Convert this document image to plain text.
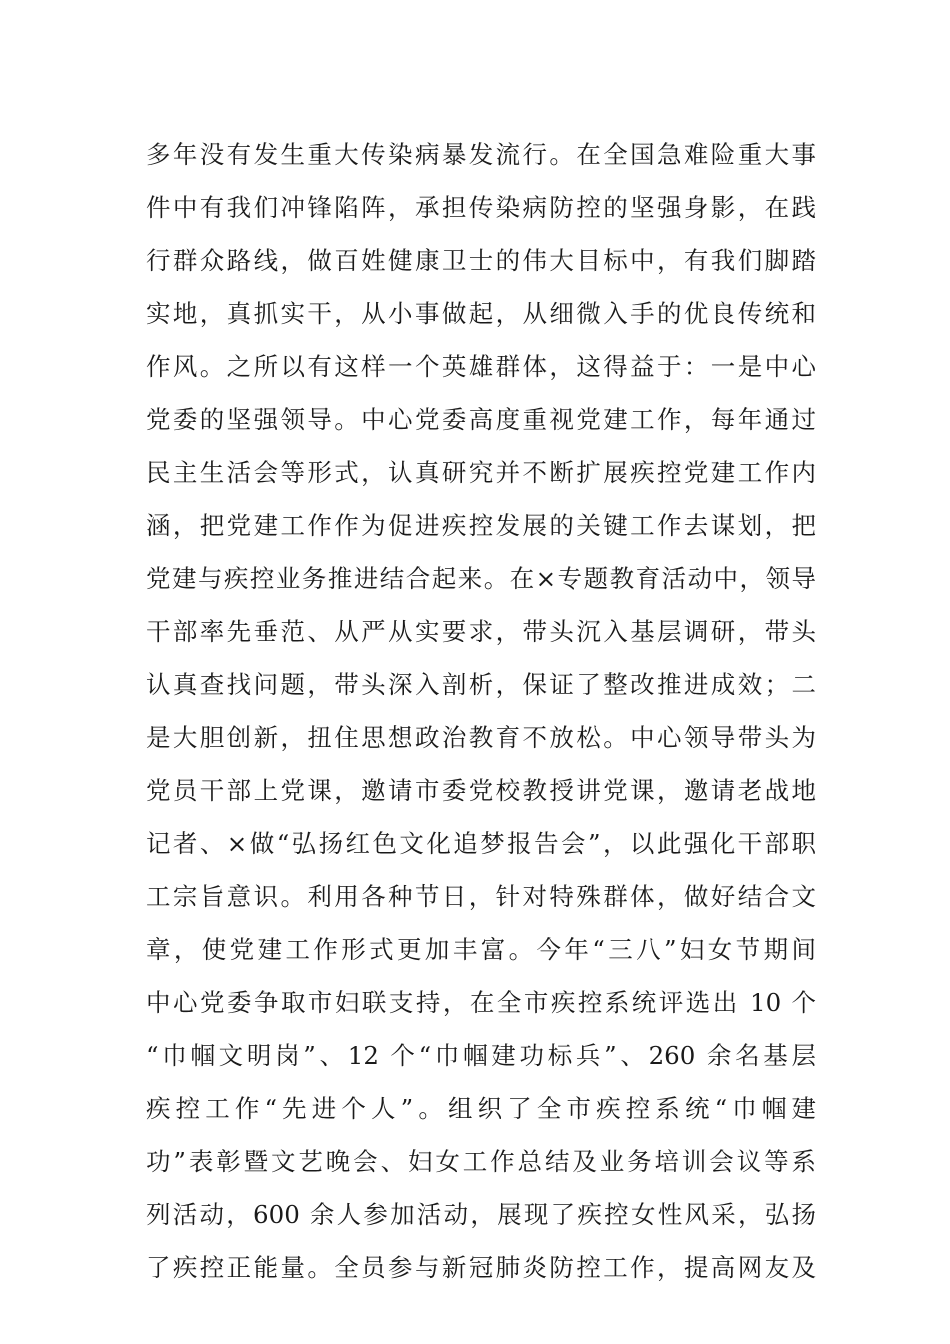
多年没有发生重大传染病暴发流行。在全国急难险重大事
件中有我们冲锋陷阵，承担传染病防控的坚强身影，在践
行群众路线，做百姓健康卫士的伟大目标中，有我们脚踏
实地，真抓实干，从小事做起，从细微入手的优良传统和
作风。之所以有这样一个英雄群体，这得益于：一是中心
党委的坚强领导。中心党委高度重视党建工作，每年通过
民主生活会等形式，认真研究并不断扩展疾控党建工作内
涵，把党建工作作为促进疾控发展的关键工作去谋划，把
党建与疾控业务推进结合起来。在×专题教育活动中，领导
干部率先垂范、从严从实要求，带头沉入基层调研，带头
认真查找问题，带头深入剖析，保证了整改推进成效；二
是大胆创新，扭住思想政治教育不放松。中心领导带头为
党员干部上党课，邀请市委党校教授讲党课，邀请老战地
记者、×做“弘扬红色文化追梦报告会”，以此强化干部职
工宗旨意识。利用各种节日，针对特殊群体，做好结合文
章，使党建工作形式更加丰富。今年“三八”妇女节期间
中心党委争取市妇联支持，在全市疾控系统评选出 10 个
“巾帼文明岗”、12 个“巾帼建功标兵”、260 余名基层
疾控工作“先进个人”。组织了全市疾控系统“巾帼建
功”表彰暨文艺晚会、妇女工作总结及业务培训会议等系
列活动，600 余人参加活动，展现了疾控女性风采，弘扬
了疾控正能量。全员参与新冠肺炎防控工作，提高网友及
